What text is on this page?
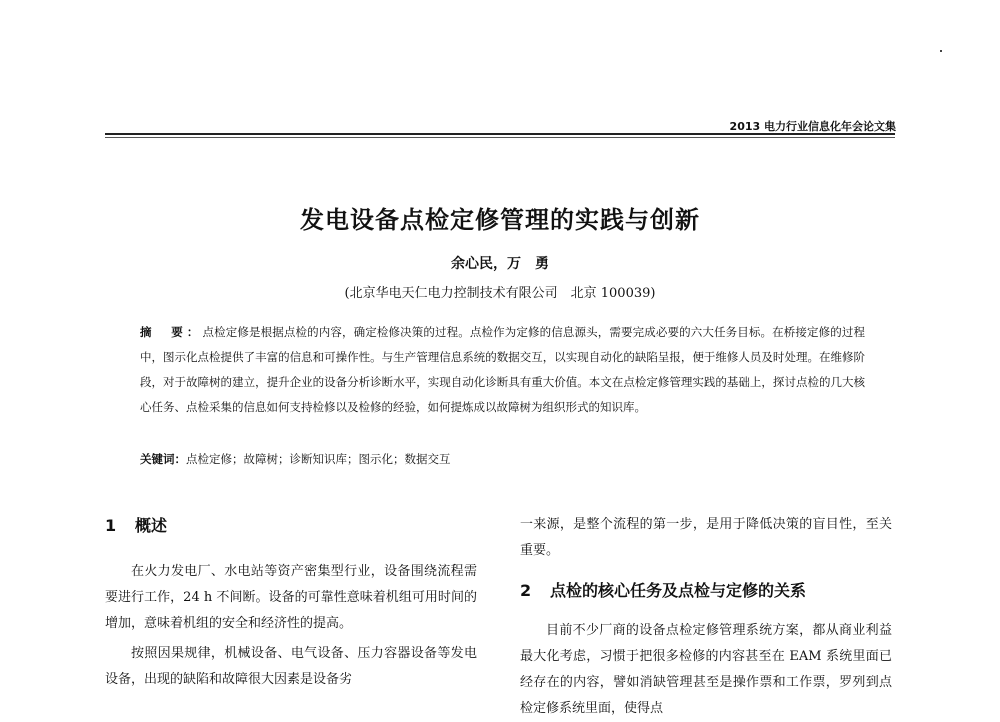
2013 电力行业信息化年会论文集
发电设备点检定修管理的实践与创新
余心民，万　勇
(北京华电天仁电力控制技术有限公司　北京 100039)
摘　要：点检定修是根据点检的内容，确定检修决策的过程。点检作为定修的信息源头，需要完成必要的六大任务目标。在桥接定修的过程中，图示化点检提供了丰富的信息和可操作性。与生产管理信息系统的数据交互，以实现自动化的缺陷呈报，便于维修人员及时处理。在维修阶段，对于故障树的建立，提升企业的设备分析诊断水平，实现自动化诊断具有重大价值。本文在点检定修管理实践的基础上，探讨点检的几大核心任务、点检采集的信息如何支持检修以及检修的经验，如何提炼成以故障树为组织形式的知识库。
关键词：点检定修；故障树；诊断知识库；图示化；数据交互
1 概述

在火力发电厂、水电站等资产密集型行业，设备围绕流程需要进行工作，24 h 不间断。设备的可靠性意味着机组可用时间的增加，意味着机组的安全和经济性的提高。

按照因果规律，机械设备、电气设备、压力容器设备等发电设备，出现的缺陷和故障很大因素是设备劣

一来源，是整个流程的第一步，是用于降低决策的盲目性，至关重要。

2 点检的核心任务及点检与定修的关系

目前不少厂商的设备点检定修管理系统方案，都从商业利益最大化考虑，习惯于把很多检修的内容甚至在 EAM 系统里面已经存在的内容，譬如消缺管理甚至是操作票和工作票，罗列到点检定修系统里面，使得点
